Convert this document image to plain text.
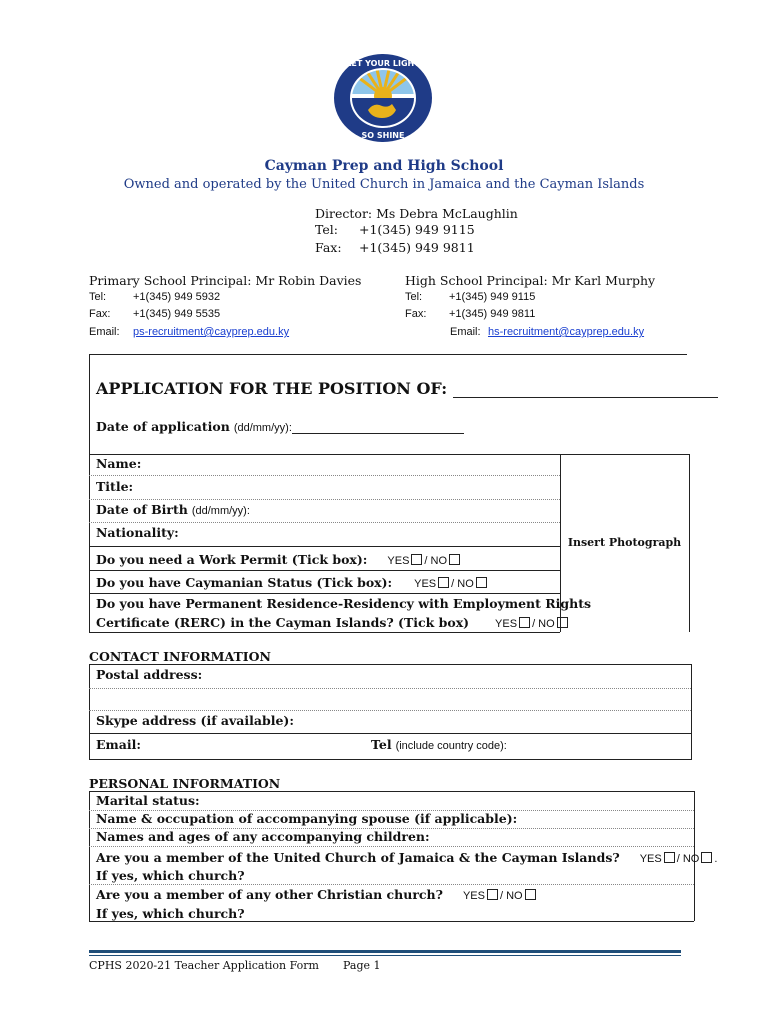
LET YOUR LIGHT
SO SHINE
Cayman Prep and High School
Owned and operated by the United Church in Jamaica and the Cayman Islands
Director: Ms Debra McLaughlin
Tel: +1(345) 949 9115
Fax: +1(345) 949 9811
Primary School Principal: Mr Robin Davies
Tel: +1(345) 949 5932
Fax: +1(345) 949 5535
Email: ps-recruitment@cayprep.edu.ky
High School Principal: Mr Karl Murphy
Tel: +1(345) 949 9115
Fax: +1(345) 949 9811
Email: hs-recruitment@cayprep.edu.ky
APPLICATION FOR THE POSITION OF:
Date of application (dd/mm/yy):
Name:
Title:
Date of Birth (dd/mm/yy):
Nationality:
Do you need a Work Permit (Tick box): YES / NO
Do you have Caymanian Status (Tick box): YES / NO
Do you have Permanent Residence-Residency with Employment Rights
Certificate (RERC) in the Cayman Islands? (Tick box) YES / NO
Insert Photograph
CONTACT INFORMATION
Postal address:
Skype address (if available):
Email:	Tel (include country code):
PERSONAL INFORMATION
Marital status:
Name & occupation of accompanying spouse (if applicable):
Names and ages of any accompanying children:
Are you a member of the United Church of Jamaica & the Cayman Islands? YES / NO .
If yes, which church?
Are you a member of any other Christian church? YES / NO
If yes, which church?
CPHS 2020-21 Teacher Application Form Page 1
